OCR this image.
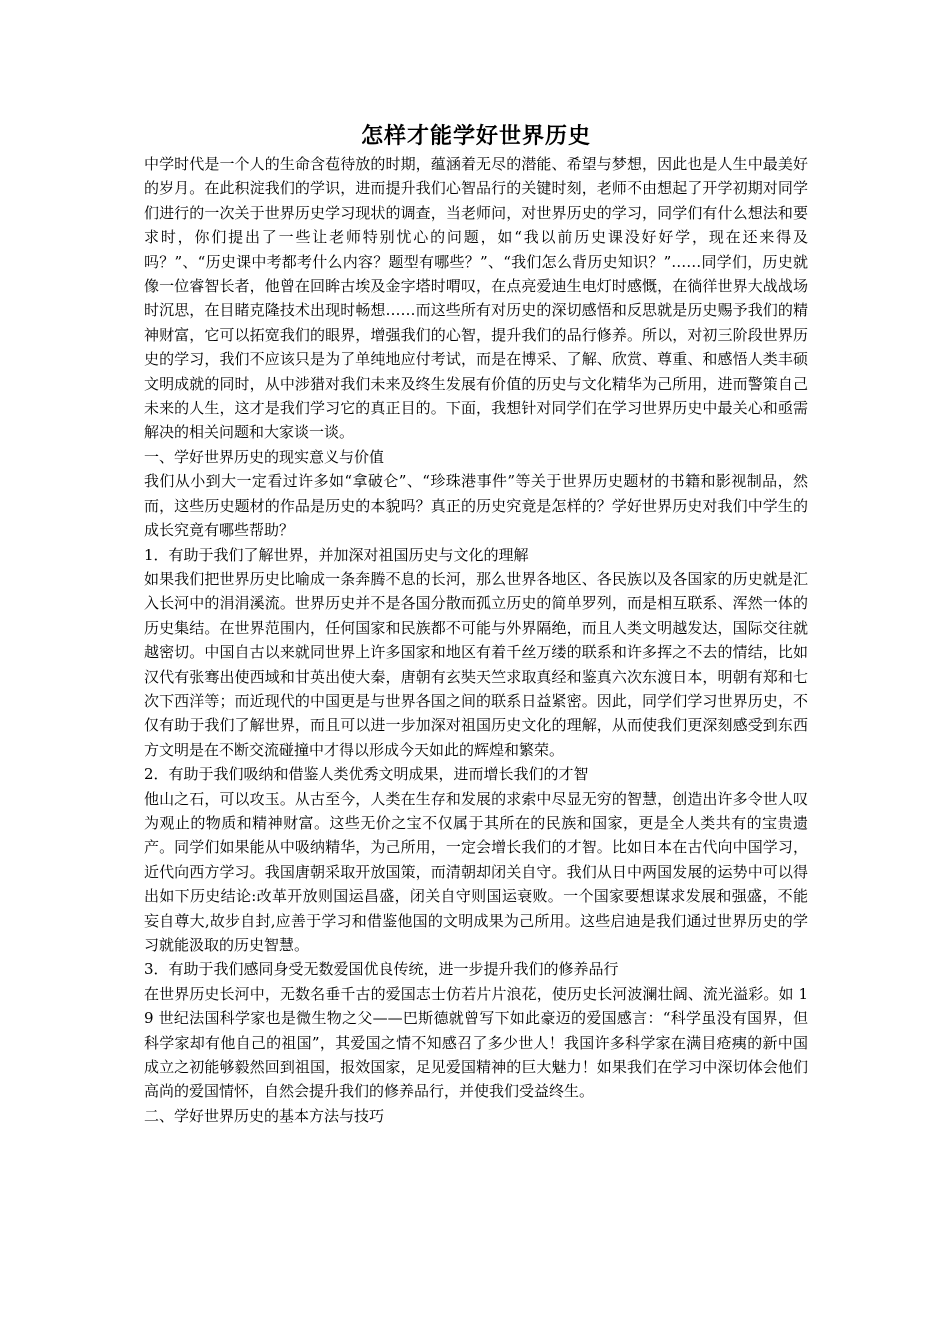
怎样才能学好世界历史

中学时代是一个人的生命含苞待放的时期，蕴涵着无尽的潜能、希望与梦想，因此也是人生中最美好的岁月。在此积淀我们的学识，进而提升我们心智品行的关键时刻，老师不由想起了开学初期对同学们进行的一次关于世界历史学习现状的调查，当老师问，对世界历史的学习，同学们有什么想法和要求时，你们提出了一些让老师特别忧心的问题，如“我以前历史课没好好学，现在还来得及吗？”、“历史课中考都考什么内容？题型有哪些？”、“我们怎么背历史知识？”……同学们，历史就像一位睿智长者，他曾在回眸古埃及金字塔时喟叹，在点亮爱迪生电灯时感慨，在徜徉世界大战战场时沉思，在目睹克隆技术出现时畅想……而这些所有对历史的深切感悟和反思就是历史赐予我们的精神财富，它可以拓宽我们的眼界，增强我们的心智，提升我们的品行修养。所以，对初三阶段世界历史的学习，我们不应该只是为了单纯地应付考试，而是在博采、了解、欣赏、尊重、和感悟人类丰硕文明成就的同时，从中涉猎对我们未来及终生发展有价值的历史与文化精华为己所用，进而警策自己未来的人生，这才是我们学习它的真正目的。下面，我想针对同学们在学习世界历史中最关心和亟需解决的相关问题和大家谈一谈。

一、学好世界历史的现实意义与价值

我们从小到大一定看过许多如“拿破仑”、“珍珠港事件”等关于世界历史题材的书籍和影视制品，然而，这些历史题材的作品是历史的本貌吗？真正的历史究竟是怎样的？学好世界历史对我们中学生的成长究竟有哪些帮助？

1．有助于我们了解世界，并加深对祖国历史与文化的理解

如果我们把世界历史比喻成一条奔腾不息的长河，那么世界各地区、各民族以及各国家的历史就是汇入长河中的涓涓溪流。世界历史并不是各国分散而孤立历史的简单罗列，而是相互联系、浑然一体的历史集结。在世界范围内，任何国家和民族都不可能与外界隔绝，而且人类文明越发达，国际交往就越密切。中国自古以来就同世界上许多国家和地区有着千丝万缕的联系和许多挥之不去的情结，比如汉代有张骞出使西域和甘英出使大秦，唐朝有玄奘天竺求取真经和鉴真六次东渡日本，明朝有郑和七次下西洋等；而近现代的中国更是与世界各国之间的联系日益紧密。因此，同学们学习世界历史，不仅有助于我们了解世界，而且可以进一步加深对祖国历史文化的理解，从而使我们更深刻感受到东西方文明是在不断交流碰撞中才得以形成今天如此的辉煌和繁荣。

2．有助于我们吸纳和借鉴人类优秀文明成果，进而增长我们的才智

他山之石，可以攻玉。从古至今，人类在生存和发展的求索中尽显无穷的智慧，创造出许多令世人叹为观止的物质和精神财富。这些无价之宝不仅属于其所在的民族和国家，更是全人类共有的宝贵遗产。同学们如果能从中吸纳精华，为己所用，一定会增长我们的才智。比如日本在古代向中国学习，近代向西方学习。我国唐朝采取开放国策，而清朝却闭关自守。我们从日中两国发展的运势中可以得出如下历史结论:改革开放则国运昌盛，闭关自守则国运衰败。一个国家要想谋求发展和强盛，不能妄自尊大,故步自封,应善于学习和借鉴他国的文明成果为己所用。这些启迪是我们通过世界历史的学习就能汲取的历史智慧。

3．有助于我们感同身受无数爱国优良传统，进一步提升我们的修养品行

在世界历史长河中，无数名垂千古的爱国志士仿若片片浪花，使历史长河波澜壮阔、流光溢彩。如 19 世纪法国科学家也是微生物之父——巴斯德就曾写下如此豪迈的爱国感言：“科学虽没有国界，但科学家却有他自己的祖国”，其爱国之情不知感召了多少世人！我国许多科学家在满目疮痍的新中国成立之初能够毅然回到祖国，报效国家，足见爱国精神的巨大魅力！如果我们在学习中深切体会他们高尚的爱国情怀，自然会提升我们的修养品行，并使我们受益终生。

二、学好世界历史的基本方法与技巧
